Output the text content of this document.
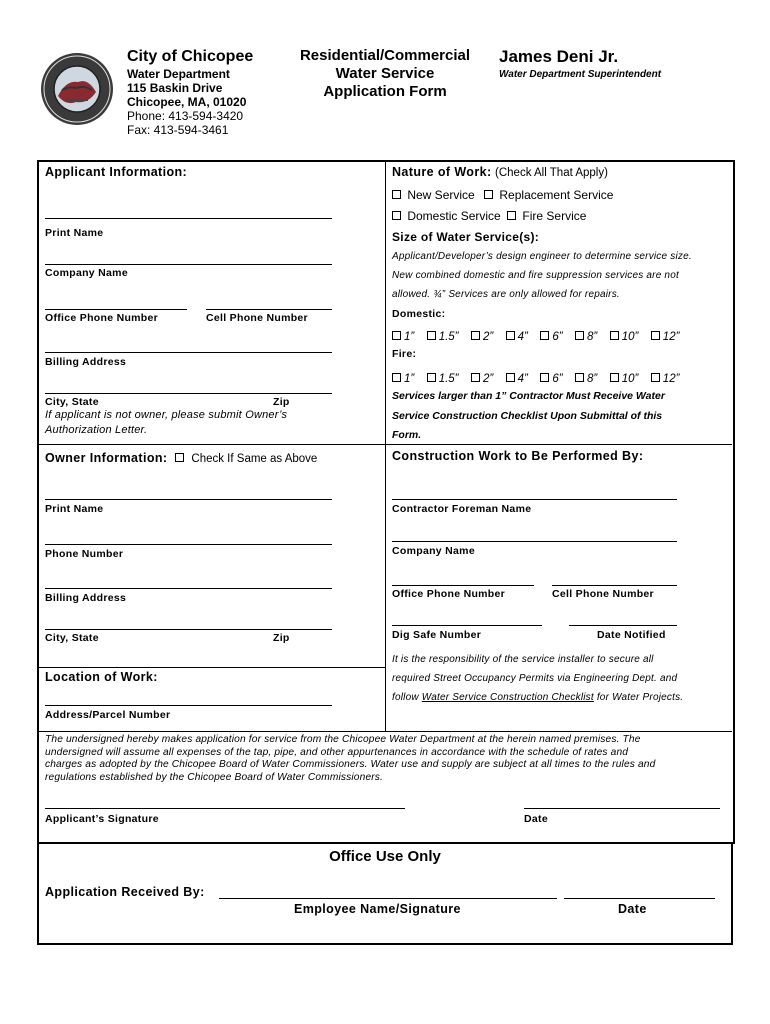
City of Chicopee
Water Department
115 Baskin Drive
Chicopee, MA, 01020
Phone: 413-594-3420
Fax: 413-594-3461
Residential/Commercial
Water Service
Application Form
James Deni Jr.
Water Department Superintendent
Applicant Information:
Print Name
Company Name
Office Phone Number	Cell Phone Number
Billing Address
City, State	Zip
If applicant is not owner, please submit Owner’s
Authorization Letter.
Nature of Work: (Check All That Apply)
New Service Replacement Service
Domestic Service Fire Service
Size of Water Service(s):
Applicant/Developer’s design engineer to determine service size.
New combined domestic and fire suppression services are not
allowed. ¾” Services are only allowed for repairs.
Domestic:
1” 1.5” 2” 4” 6” 8” 10” 12”
Fire:
1” 1.5” 2” 4” 6” 8” 10” 12”
Services larger than 1” Contractor Must Receive Water
Service Construction Checklist Upon Submittal of this
Form.
Owner Information: Check If Same as Above
Print Name
Phone Number
Billing Address
City, State	Zip
Construction Work to Be Performed By:
Contractor Foreman Name
Company Name
Office Phone Number	Cell Phone Number
Dig Safe Number	Date Notified
It is the responsibility of the service installer to secure all
required Street Occupancy Permits via Engineering Dept. and
follow Water Service Construction Checklist for Water Projects.
Location of Work:
Address/Parcel Number
The undersigned hereby makes application for service from the Chicopee Water Department at the herein named premises. The
undersigned will assume all expenses of the tap, pipe, and other appurtenances in accordance with the schedule of rates and
charges as adopted by the Chicopee Board of Water Commissioners. Water use and supply are subject at all times to the rules and
regulations established by the Chicopee Board of Water Commissioners.
Applicant’s Signature	Date
Office Use Only
Application Received By:
Employee Name/Signature	Date
